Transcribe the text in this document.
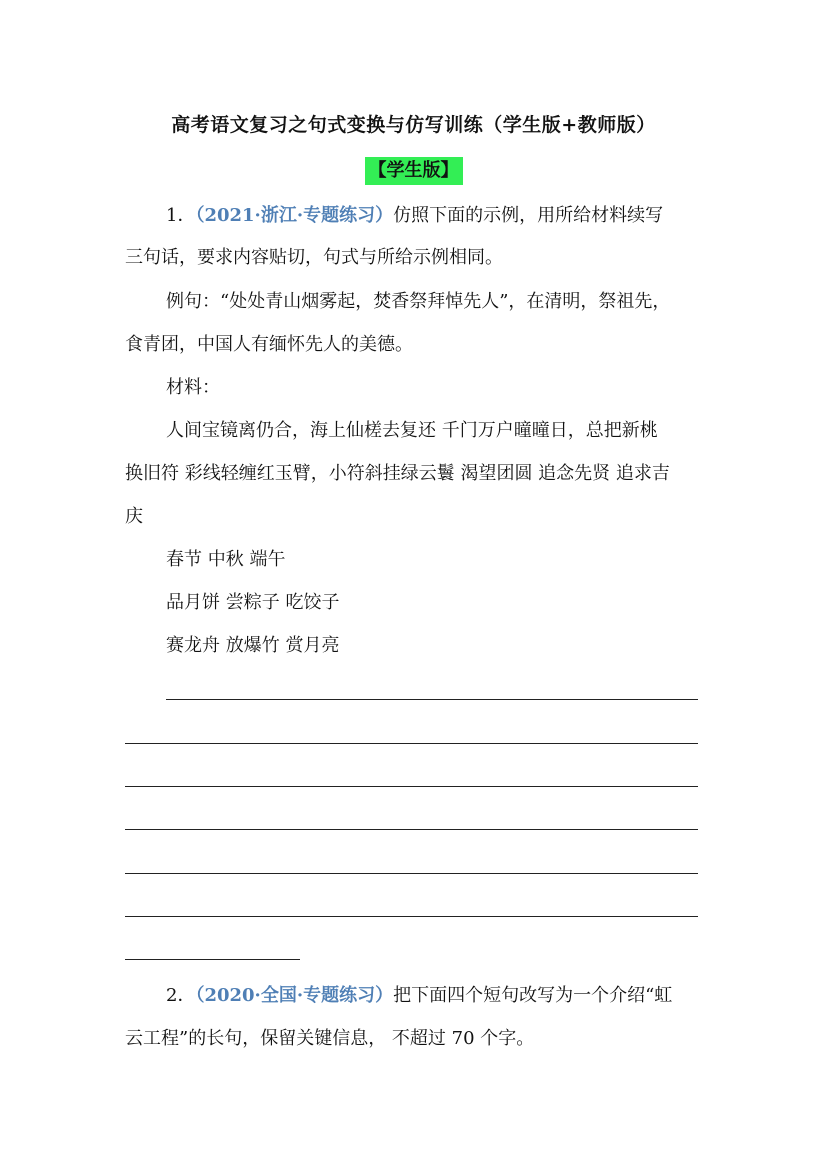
高考语文复习之句式变换与仿写训练（学生版+教师版）
【学生版】
1．（2021·浙江·专题练习）仿照下面的示例，用所给材料续写
三句话，要求内容贴切，句式与所给示例相同。
例句：“处处青山烟雾起，焚香祭拜悼先人”，在清明，祭祖先，
食青团，中国人有缅怀先人的美德。
材料：
人间宝镜离仍合，海上仙槎去复还 千门万户曈曈日，总把新桃
换旧符 彩线轻缠红玉臂，小符斜挂绿云鬟 渴望团圆 追念先贤 追求吉
庆
春节 中秋 端午
品月饼 尝粽子 吃饺子
赛龙舟 放爆竹 赏月亮
2．（2020·全国·专题练习）把下面四个短句改写为一个介绍“虹
云工程”的长句，保留关键信息， 不超过 70 个字。
